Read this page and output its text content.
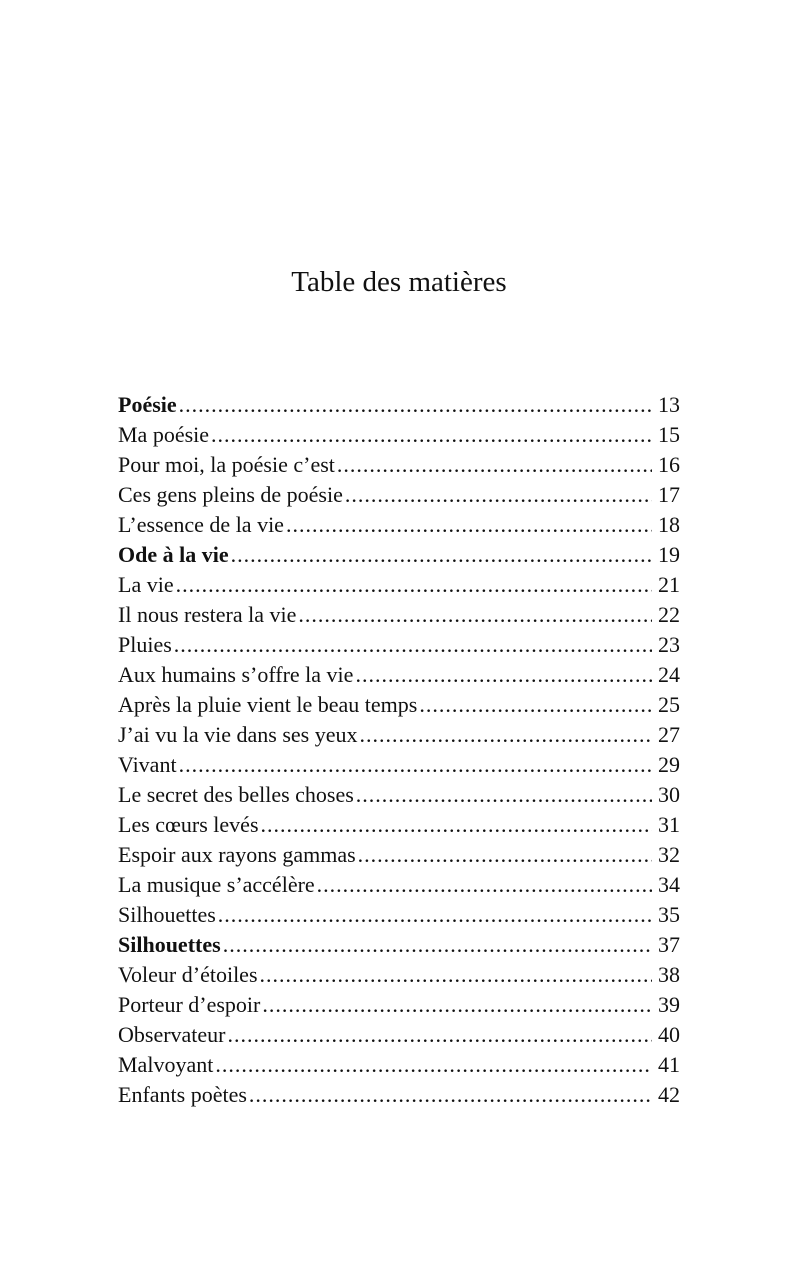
Table des matières
Poésie .....	13
Ma poésie .....	15
Pour moi, la poésie c’est .....	16
Ces gens pleins de poésie .....	17
L’essence de la vie .....	18
Ode à la vie .....	19
La vie .....	21
Il nous restera la vie .....	22
Pluies .....	23
Aux humains s’offre la vie .....	24
Après la pluie vient le beau temps .....	25
J’ai vu la vie dans ses yeux .....	27
Vivant .....	29
Le secret des belles choses .....	30
Les cœurs levés .....	31
Espoir aux rayons gammas .....	32
La musique s’accélère .....	34
Silhouettes .....	35
Silhouettes .....	37
Voleur d’étoiles .....	38
Porteur d’espoir .....	39
Observateur .....	40
Malvoyant .....	41
Enfants poètes .....	42
